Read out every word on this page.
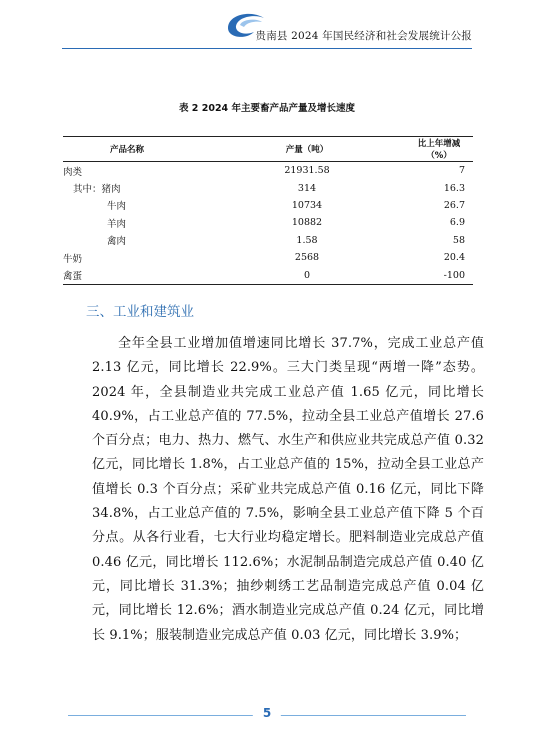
贵南县 2024 年国民经济和社会发展统计公报
表 2 2024 年主要畜产品产量及增长速度
产品名称	产量（吨）	比上年增减（%）
肉类	21931.58	7
其中：猪肉	314	16.3
牛肉	10734	26.7
羊肉	10882	6.9
禽肉	1.58	58
牛奶	2568	20.4
禽蛋	0	-100
三、工业和建筑业
全年全县工业增加值增速同比增长 37.7%，完成工业总产值 2.13 亿元，同比增长 22.9%。三大门类呈现“两增一降”态势。2024 年，全县制造业共完成工业总产值 1.65 亿元，同比增长 40.9%，占工业总产值的 77.5%，拉动全县工业总产值增长 27.6 个百分点；电力、热力、燃气、水生产和供应业共完成总产值 0.32 亿元，同比增长 1.8%，占工业总产值的 15%，拉动全县工业总产值增长 0.3 个百分点；采矿业共完成总产值 0.16 亿元，同比下降 34.8%，占工业总产值的 7.5%，影响全县工业总产值下降 5 个百分点。从各行业看，七大行业均稳定增长。肥料制造业完成总产值 0.46 亿元，同比增长 112.6%；水泥制品制造完成总产值 0.40 亿元，同比增长 31.3%；抽纱刺绣工艺品制造完成总产值 0.04 亿元，同比增长 12.6%；酒水制造业完成总产值 0.24 亿元，同比增长 9.1%；服装制造业完成总产值 0.03 亿元，同比增长 3.9%；
5
